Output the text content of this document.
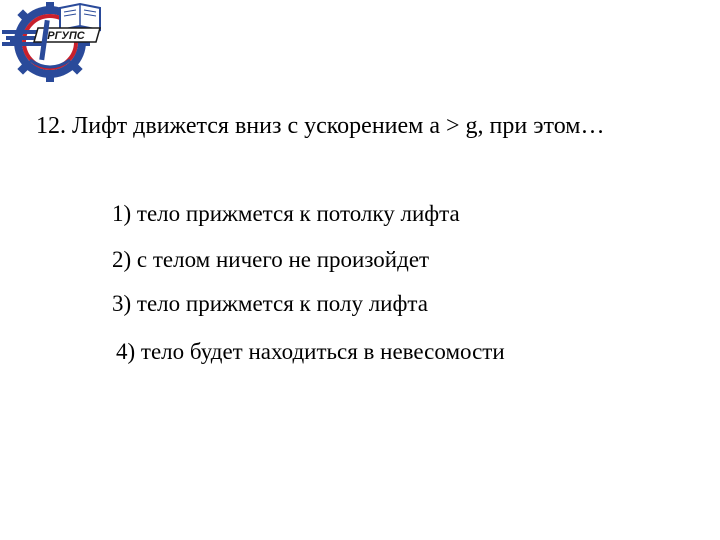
РГУПС
12. Лифт движется вниз с ускорением a > g, при этом…
1) тело прижмется к потолку лифта
2) с телом ничего не произойдет
3) тело прижмется к полу лифта
4) тело будет находиться в невесомости
